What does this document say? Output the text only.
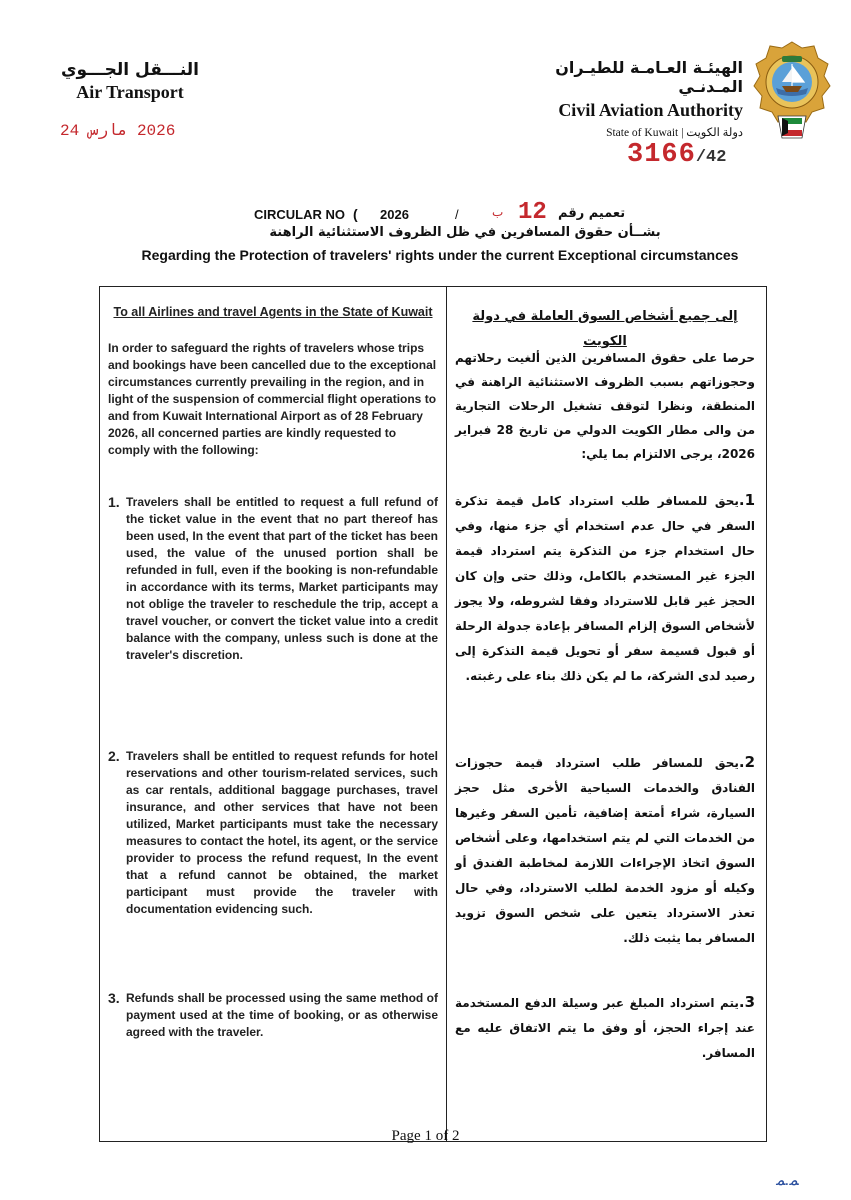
النـــقل الجـــوي
Air Transport
2026 مارس 24
الهيئـة العـامـة للطيـران المـدنـي
Civil Aviation Authority
State of Kuwait | دولة الكويت
3166/42
CIRCULAR NO ( 2026	/	ب 12 تعميم رقم
بشــأن حقوق المسافرين في ظل الظروف الاستثنائية الراهنة
Regarding the Protection of travelers' rights under the current Exceptional circumstances
To all Airlines and travel Agents in the State of Kuwait
In order to safeguard the rights of travelers whose trips and bookings have been cancelled due to the exceptional circumstances currently prevailing in the region, and in light of the suspension of commercial flight operations to and from Kuwait International Airport as of 28 February 2026, all concerned parties are kindly requested to comply with the following:
1. Travelers shall be entitled to request a full refund of the ticket value in the event that no part thereof has been used, In the event that part of the ticket has been used, the value of the unused portion shall be refunded in full, even if the booking is non-refundable in accordance with its terms, Market participants may not oblige the traveler to reschedule the trip, accept a travel voucher, or convert the ticket value into a credit balance with the company, unless such is done at the traveler's discretion.
2. Travelers shall be entitled to request refunds for hotel reservations and other tourism-related services, such as car rentals, additional baggage purchases, travel insurance, and other services that have not been utilized, Market participants must take the necessary measures to contact the hotel, its agent, or the service provider to process the refund request, In the event that a refund cannot be obtained, the market participant must provide the traveler with documentation evidencing such.
3. Refunds shall be processed using the same method of payment used at the time of booking, or as otherwise agreed with the traveler.
إلى جميع أشخاص السوق العاملة في دولة الكويت
حرصا على حقوق المسافرين الذين ألغيت رحلاتهم وحجوزاتهم بسبب الظروف الاستثنائية الراهنة في المنطقة، ونظرا لتوقف تشغيل الرحلات التجارية من والى مطار الكويت الدولي من تاريخ 28 فبراير 2026، يرجى الالتزام بما يلي:
1.يحق للمسافر طلب استرداد كامل قيمة تذكرة السفر في حال عدم استخدام أي جزء منها، وفي حال استخدام جزء من التذكرة يتم استرداد قيمة الجزء غير المستخدم بالكامل، وذلك حتى وإن كان الحجز غير قابل للاسترداد وفقا لشروطه، ولا يجوز لأشخاص السوق إلزام المسافر بإعادة جدولة الرحلة أو قبول قسيمة سفر أو تحويل قيمة التذكرة إلى رصيد لدى الشركة، ما لم يكن ذلك بناء على رغبته.
2.يحق للمسافر طلب استرداد قيمة حجوزات الفنادق والخدمات السياحية الأخرى مثل حجز السيارة، شراء أمتعة إضافية، تأمين السفر وغيرها من الخدمات التي لم يتم استخدامها، وعلى أشخاص السوق اتخاذ الإجراءات اللازمة لمخاطبة الفندق أو وكيله أو مزود الخدمة لطلب الاسترداد، وفي حال تعذر الاسترداد يتعين على شخص السوق تزويد المسافر بما يثبت ذلك.
3.يتم استرداد المبلغ عبر وسيلة الدفع المستخدمة عند إجراء الحجز، أو وفق ما يتم الاتفاق عليه مع المسافر.
Page 1 of 2
ﻤ.ﻤ
